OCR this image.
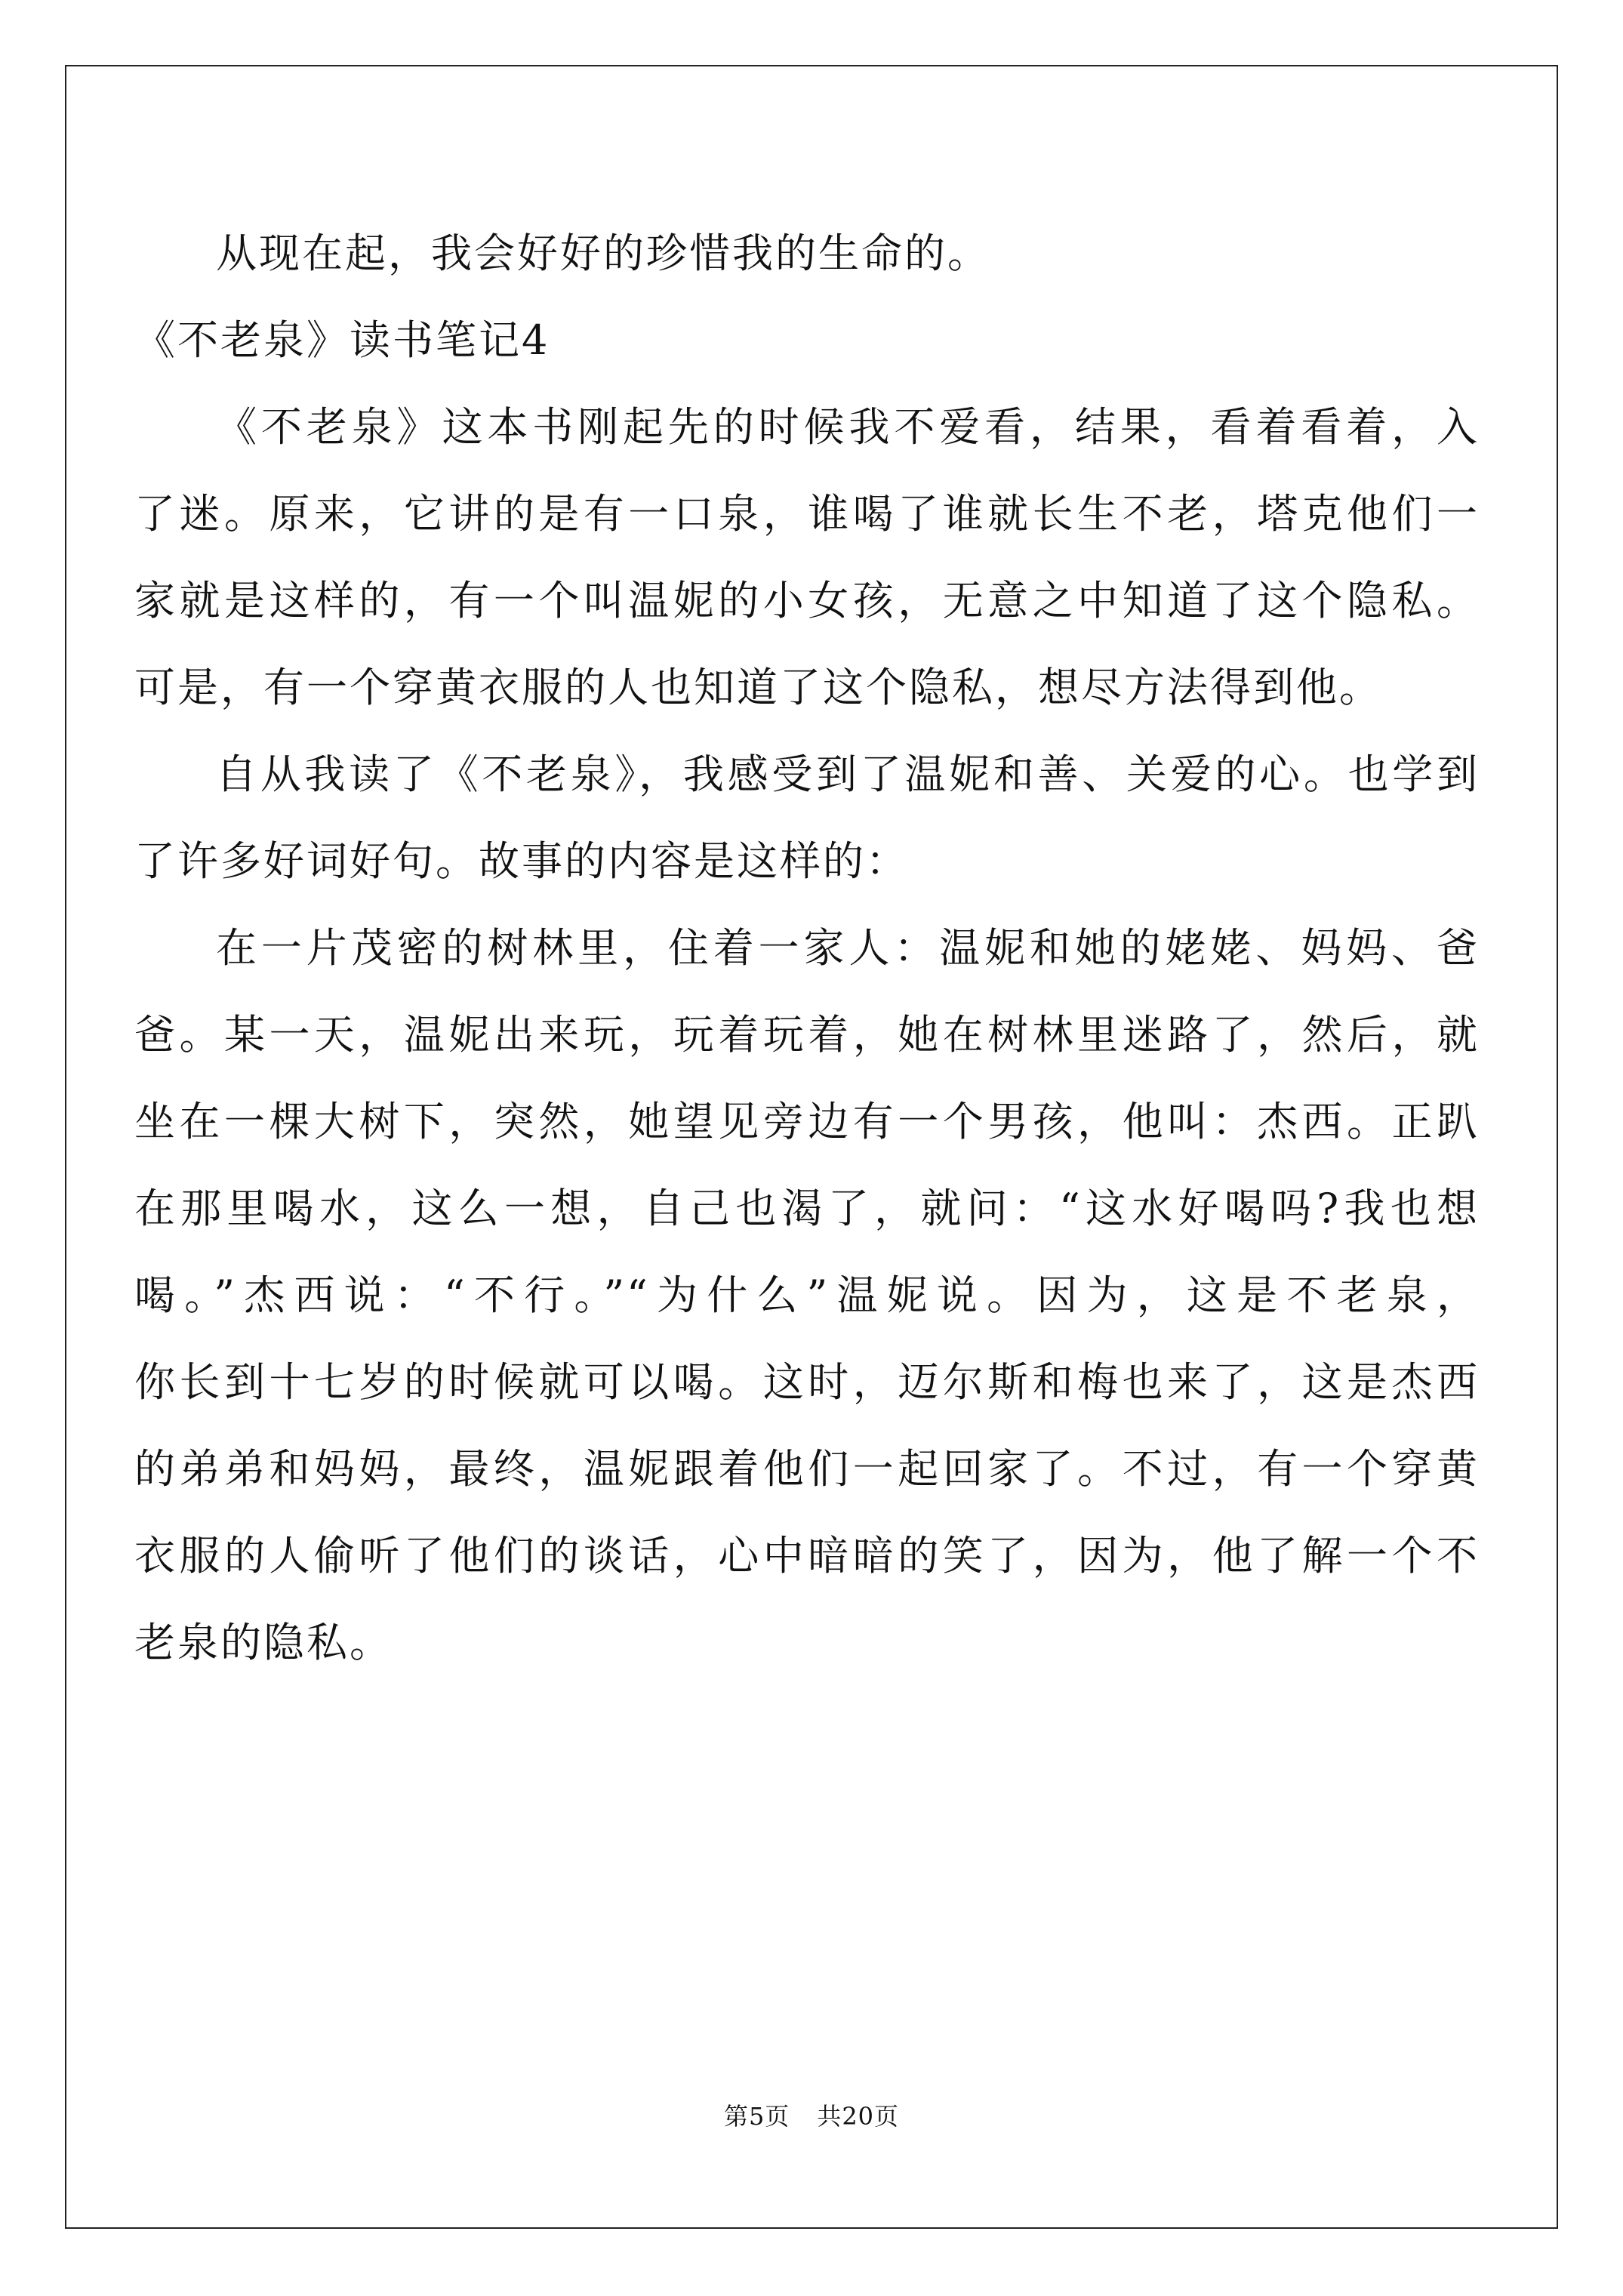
从现在起，我会好好的珍惜我的生命的。
《不老泉》读书笔记4
《不老泉》这本书刚起先的时候我不爱看，结果，看着看着，入
了迷。原来，它讲的是有一口泉，谁喝了谁就长生不老，塔克他们一
家就是这样的，有一个叫温妮的小女孩，无意之中知道了这个隐私。
可是，有一个穿黄衣服的人也知道了这个隐私，想尽方法得到他。
自从我读了《不老泉》，我感受到了温妮和善、关爱的心。也学到
了许多好词好句。故事的内容是这样的：
在一片茂密的树林里，住着一家人：温妮和她的姥姥、妈妈、爸
爸。某一天，温妮出来玩，玩着玩着，她在树林里迷路了，然后，就
坐在一棵大树下，突然，她望见旁边有一个男孩，他叫：杰西。正趴
在那里喝水，这么一想，自己也渴了，就问：“这水好喝吗?我也想
喝。”杰西说：“不行。”“为什么”温妮说。因为，这是不老泉，
你长到十七岁的时候就可以喝。这时，迈尔斯和梅也来了，这是杰西
的弟弟和妈妈，最终，温妮跟着他们一起回家了。不过，有一个穿黄
衣服的人偷听了他们的谈话，心中暗暗的笑了，因为，他了解一个不
老泉的隐私。
第5页 共20页
